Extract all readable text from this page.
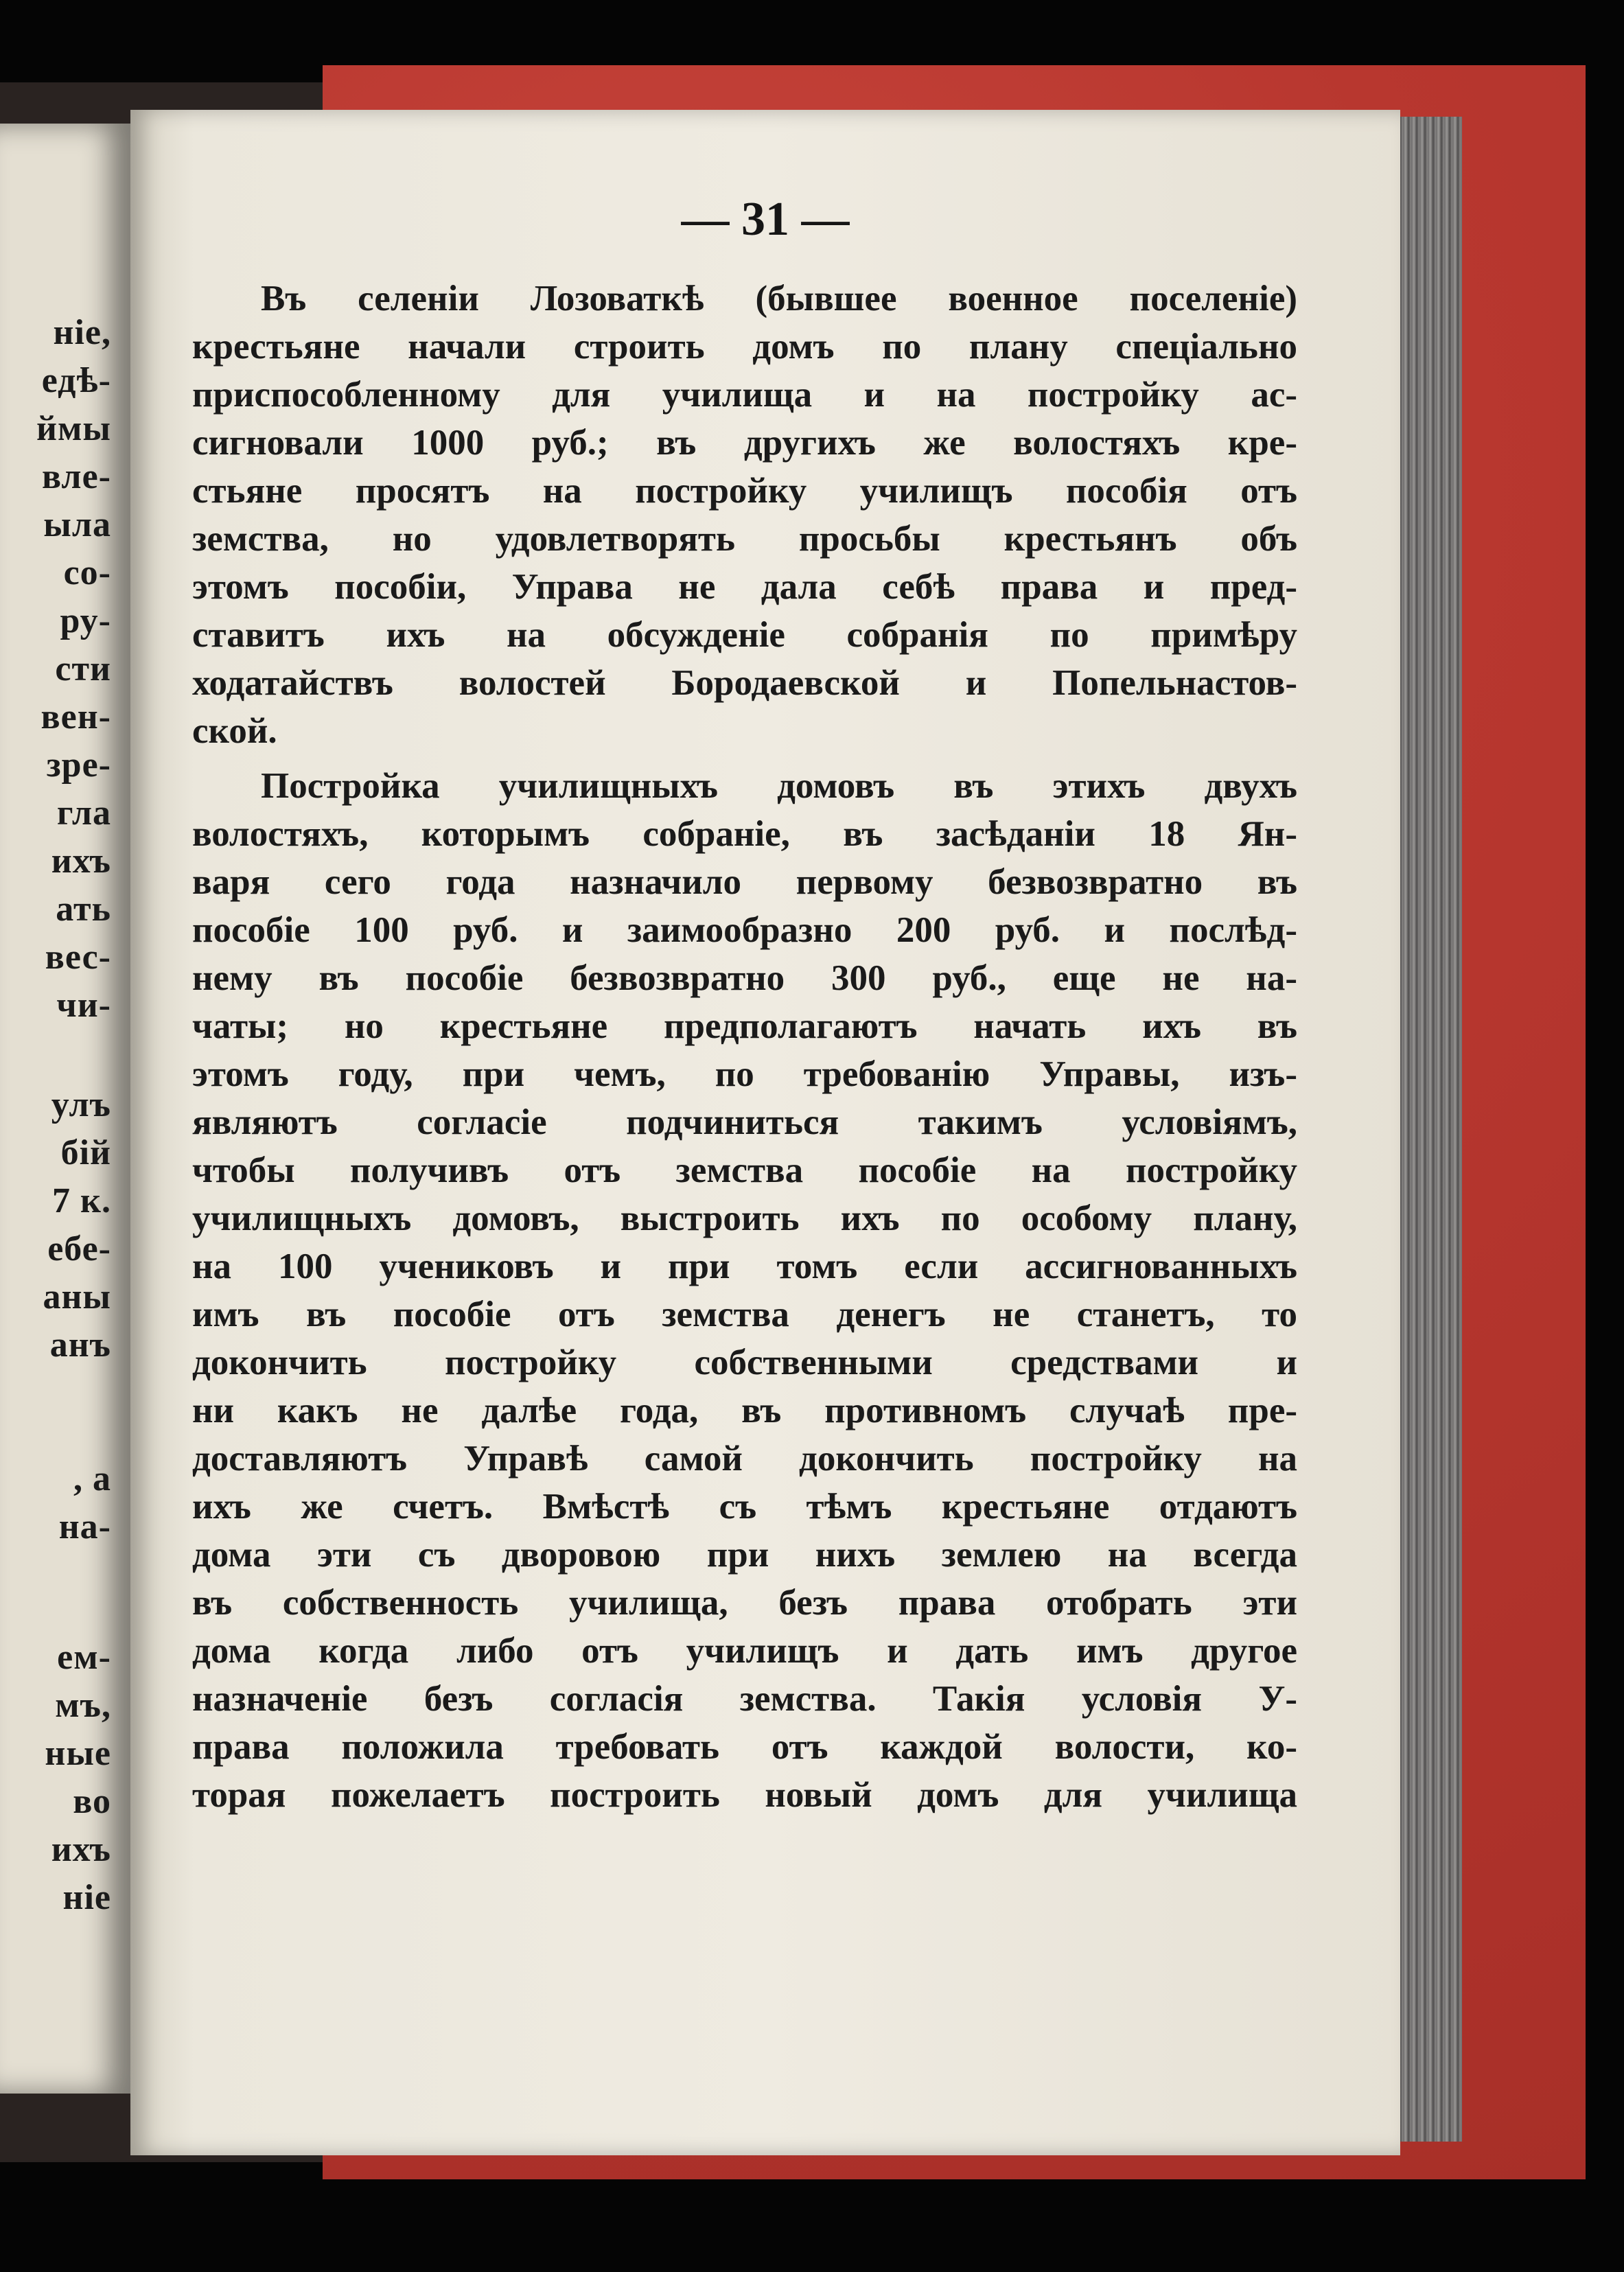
ніе,
едѣ-
ймы
вле-
ыла
со-
ру-
сти
вен-
зре-
гла
ихъ
ать
вес-
чи-
улъ
бій
7 к.
ебе-
аны
анъ
, а
на-
ем-
мъ,
ные
во
ихъ
ніе
— 31 —
Въ селеніи Лозоваткѣ (бывшее военное поселеніе)
крестьяне начали строить домъ по плану спеціально
приспособленному для училища и на постройку ас-
сигновали 1000 руб.; въ другихъ же волостяхъ кре-
стьяне просятъ на постройку училищъ пособія отъ
земства, но удовлетворять просьбы крестьянъ объ
этомъ пособіи, Управа не дала себѣ права и пред-
ставитъ ихъ на обсужденіе собранія по примѣру
ходатайствъ волостей Бородаевской и Попельнастов-
ской.
Постройка училищныхъ домовъ въ этихъ двухъ
волостяхъ, которымъ собраніе, въ засѣданіи 18 Ян-
варя сего года назначило первому безвозвратно въ
пособіе 100 руб. и заимообразно 200 руб. и послѣд-
нему въ пособіе безвозвратно 300 руб., еще не на-
чаты; но крестьяне предполагаютъ начать ихъ въ
этомъ году, при чемъ, по требованію Управы, изъ-
являютъ согласіе подчиниться такимъ условіямъ,
чтобы получивъ отъ земства пособіе на постройку
училищныхъ домовъ, выстроить ихъ по особому плану,
на 100 учениковъ и при томъ если ассигнованныхъ
имъ въ пособіе отъ земства денегъ не станетъ, то
докончить постройку собственными средствами и
ни какъ не далѣе года, въ противномъ случаѣ пре-
доставляютъ Управѣ самой докончить постройку на
ихъ же счетъ. Вмѣстѣ съ тѣмъ крестьяне отдаютъ
дома эти съ дворовою при нихъ землею на всегда
въ собственность училища, безъ права отобрать эти
дома когда либо отъ училищъ и дать имъ другое
назначеніе безъ согласія земства. Такія условія У-
права положила требовать отъ каждой волости, ко-
торая пожелаетъ построить новый домъ для училища
